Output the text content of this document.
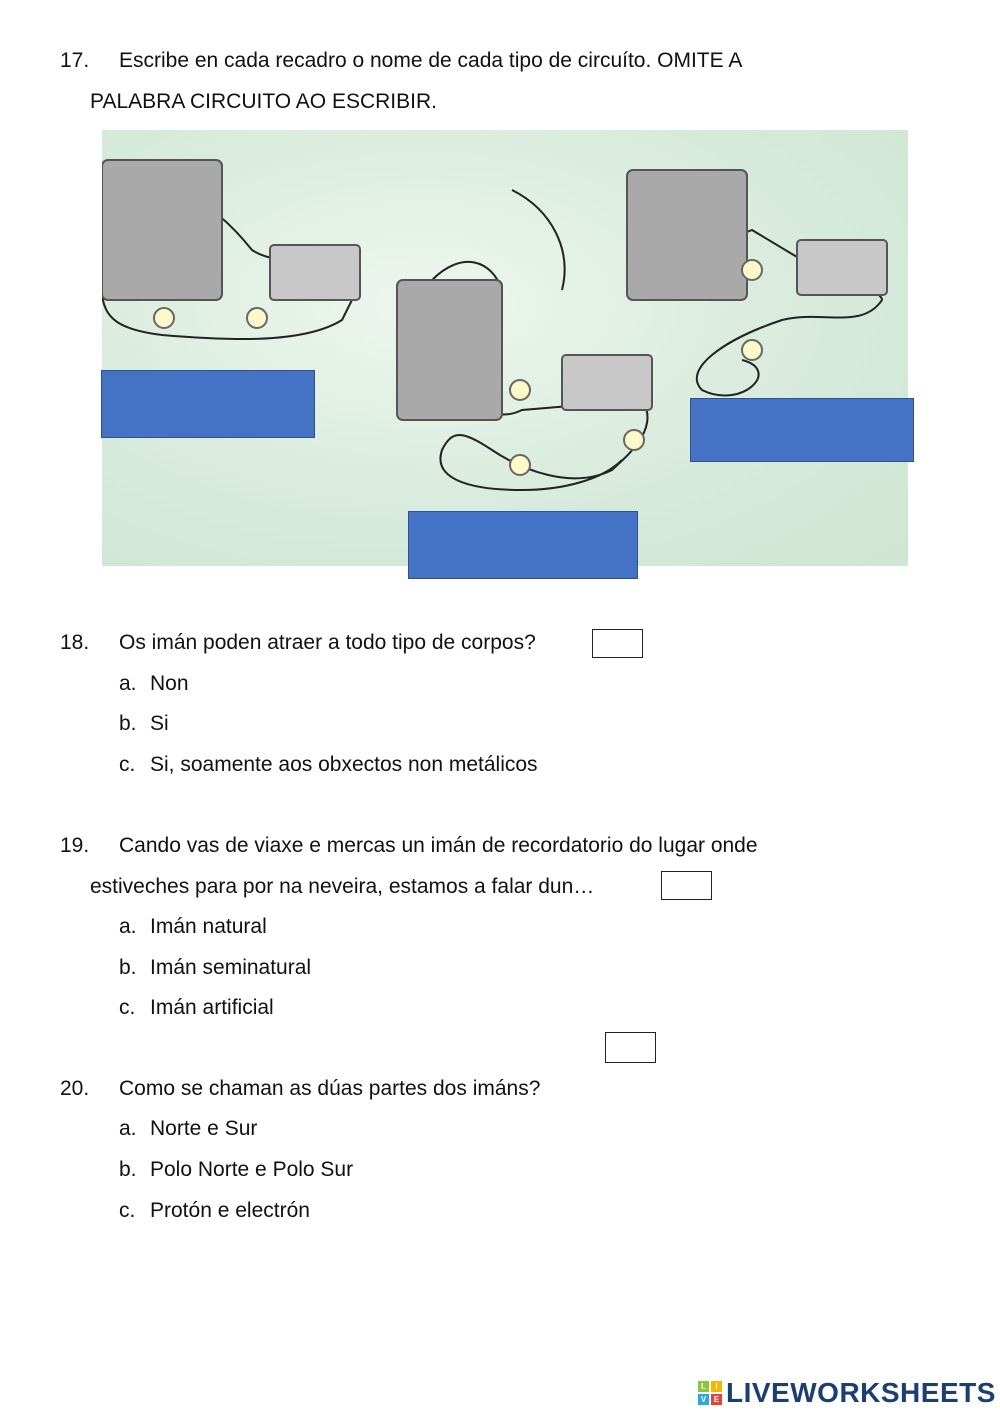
17. Escribe en cada recadro o nome de cada tipo de circuíto. OMITE A
PALABRA CIRCUITO AO ESCRIBIR.
18. Os imán poden atraer a todo tipo de corpos?
a. Non
b. Si
c. Si, soamente aos obxectos non metálicos
19. Cando vas de viaxe e mercas un imán de recordatorio do lugar onde
estiveches para por na neveira, estamos a falar dun…
a. Imán natural
b. Imán seminatural
c. Imán artificial
20. Como se chaman as dúas partes dos imáns?
a. Norte e Sur
b. Polo Norte e Polo Sur
c. Protón e electrón
L	I
V E LIVEWORKSHEETS
